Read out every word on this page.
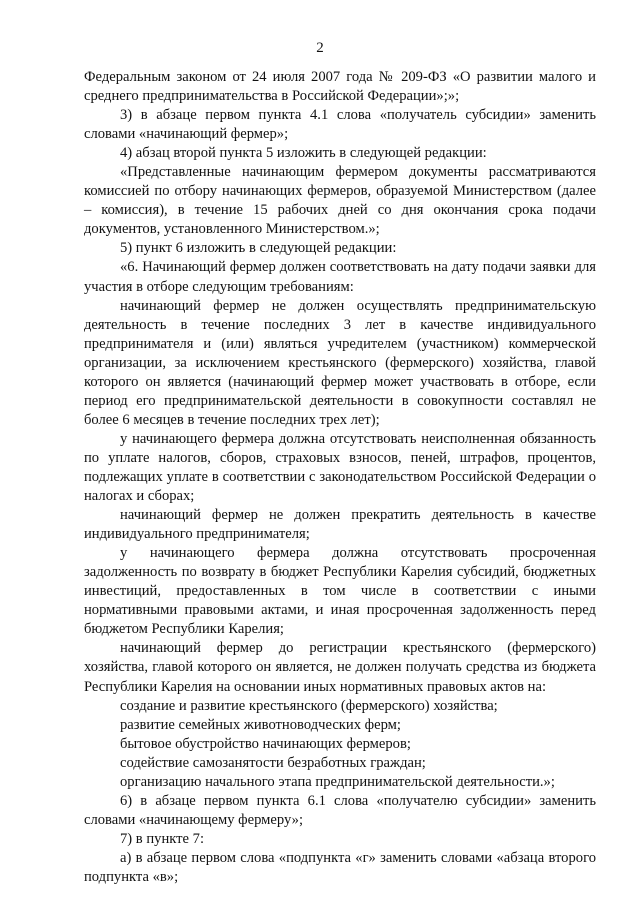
2

Федеральным законом от 24 июля 2007 года № 209-ФЗ «О развитии малого и среднего предпринимательства в Российской Федерации»;»;

3) в абзаце первом пункта 4.1 слова «получатель субсидии» заменить словами «начинающий фермер»;

4) абзац второй пункта 5 изложить в следующей редакции:

«Представленные начинающим фермером документы рассматриваются комиссией по отбору начинающих фермеров, образуемой Министерством (далее – комиссия), в течение 15 рабочих дней со дня окончания срока подачи документов, установленного Министерством.»;

5) пункт 6 изложить в следующей редакции:

«6. Начинающий фермер должен соответствовать на дату подачи заявки для участия в отборе следующим требованиям:

начинающий фермер не должен осуществлять предпринимательскую деятельность в течение последних 3 лет в качестве индивидуального предпринимателя и (или) являться учредителем (участником) коммерческой организации, за исключением крестьянского (фермерского) хозяйства, главой которого он является (начинающий фермер может участвовать в отборе, если период его предпринимательской деятельности в совокупности составлял не более 6 месяцев в течение последних трех лет);

у начинающего фермера должна отсутствовать неисполненная обязанность по уплате налогов, сборов, страховых взносов, пеней, штрафов, процентов, подлежащих уплате в соответствии с законодательством Российской Федерации о налогах и сборах;

начинающий фермер не должен прекратить деятельность в качестве индивидуального предпринимателя;

у начинающего фермера должна отсутствовать просроченная задолженность по возврату в бюджет Республики Карелия субсидий, бюджетных инвестиций, предоставленных в том числе в соответствии с иными нормативными правовыми актами, и иная просроченная задолженность перед бюджетом Республики Карелия;

начинающий фермер до регистрации крестьянского (фермерского) хозяйства, главой которого он является, не должен получать средства из бюджета Республики Карелия на основании иных нормативных правовых актов на:

создание и развитие крестьянского (фермерского) хозяйства;

развитие семейных животноводческих ферм;

бытовое обустройство начинающих фермеров;

содействие самозанятости безработных граждан;

организацию начального этапа предпринимательской деятельности.»;

6) в абзаце первом пункта 6.1 слова «получателю субсидии» заменить словами «начинающему фермеру»;

7) в пункте 7:

а) в абзаце первом слова «подпункта «г» заменить словами «абзаца второго подпункта «в»;
